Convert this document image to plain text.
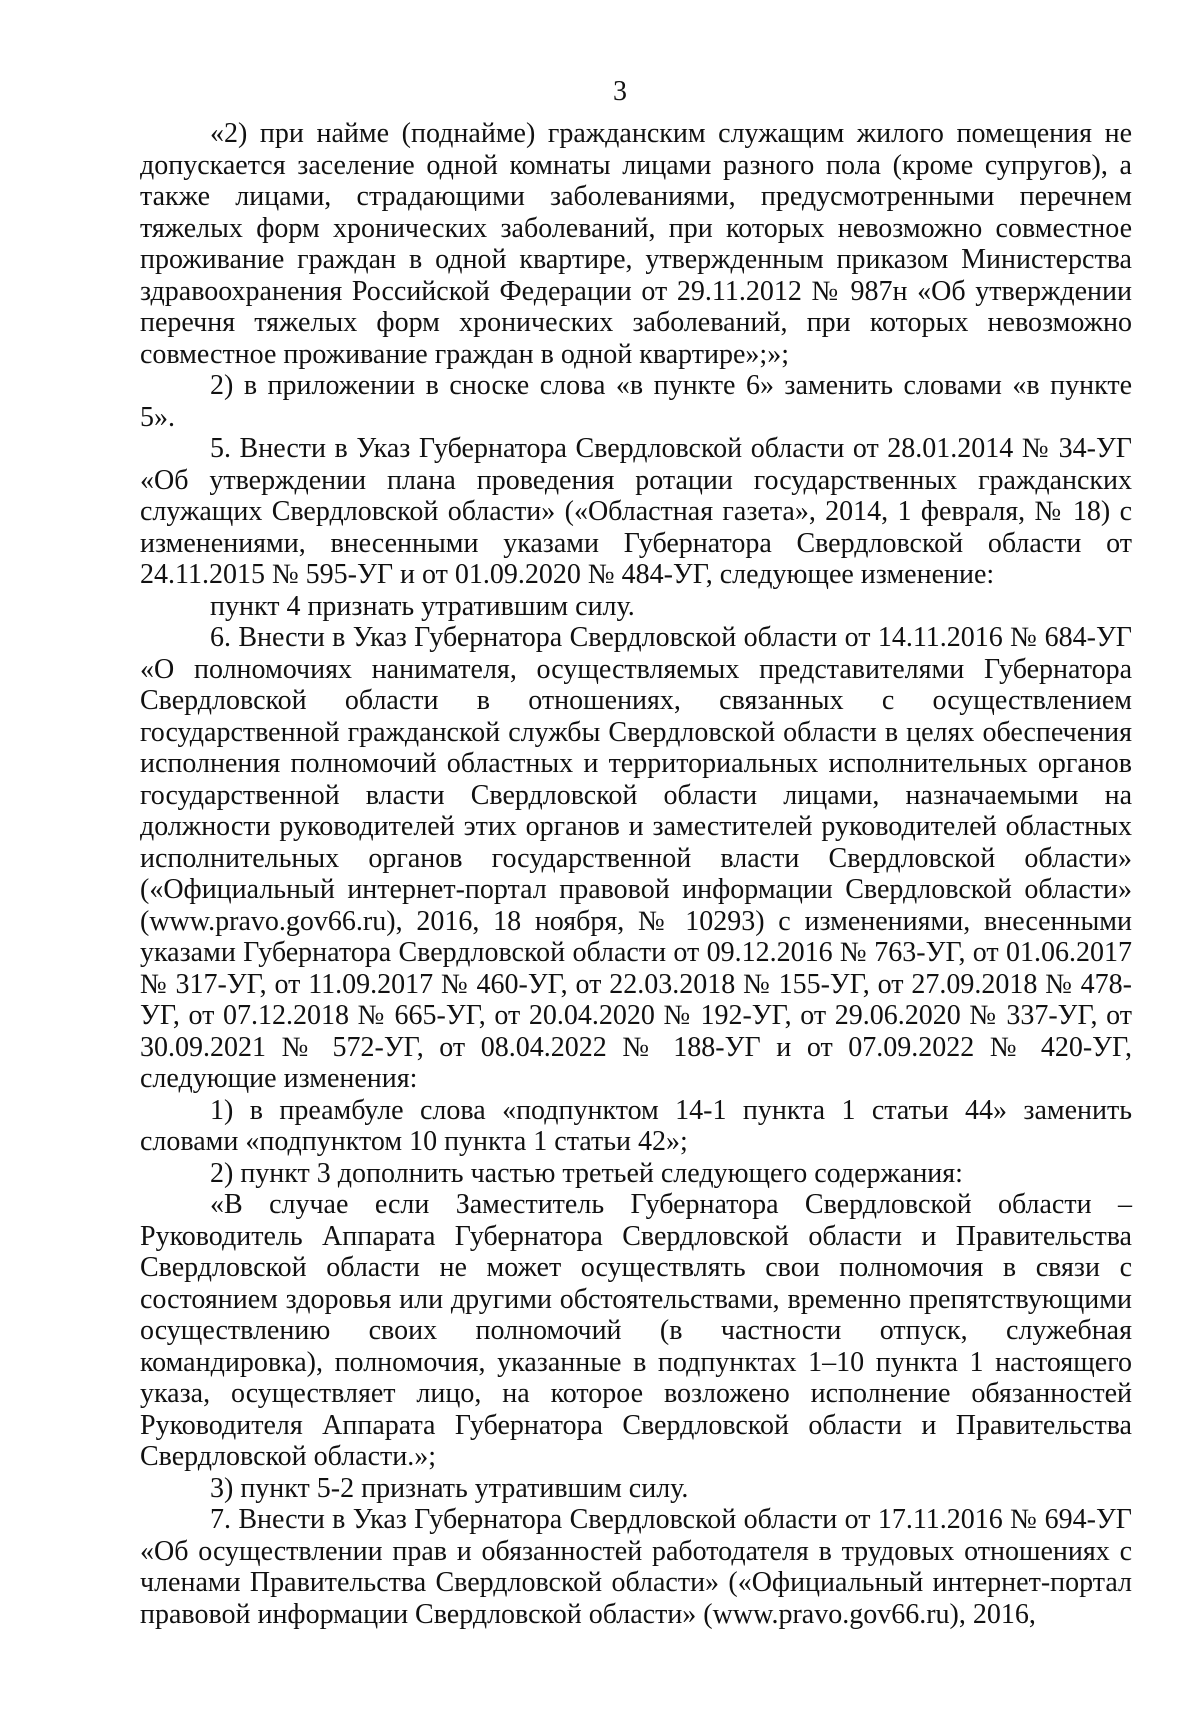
3

«2) при найме (поднайме) гражданским служащим жилого помещения не допускается заселение одной комнаты лицами разного пола (кроме супругов), а также лицами, страдающими заболеваниями, предусмотренными перечнем тяжелых форм хронических заболеваний, при которых невозможно совместное проживание граждан в одной квартире, утвержденным приказом Министерства здравоохранения Российской Федерации от 29.11.2012 № 987н «Об утверждении перечня тяжелых форм хронических заболеваний, при которых невозможно совместное проживание граждан в одной квартире»;»;

2) в приложении в сноске слова «в пункте 6» заменить словами «в пункте 5».

5. Внести в Указ Губернатора Свердловской области от 28.01.2014 № 34-УГ «Об утверждении плана проведения ротации государственных гражданских служащих Свердловской области» («Областная газета», 2014, 1 февраля, № 18) с изменениями, внесенными указами Губернатора Свердловской области от 24.11.2015 № 595-УГ и от 01.09.2020 № 484-УГ, следующее изменение:

пункт 4 признать утратившим силу.

6. Внести в Указ Губернатора Свердловской области от 14.11.2016 № 684-УГ «О полномочиях нанимателя, осуществляемых представителями Губернатора Свердловской области в отношениях, связанных с осуществлением государственной гражданской службы Свердловской области в целях обеспечения исполнения полномочий областных и территориальных исполнительных органов государственной власти Свердловской области лицами, назначаемыми на должности руководителей этих органов и заместителей руководителей областных исполнительных органов государственной власти Свердловской области» («Официальный интернет-портал правовой информации Свердловской области» (www.pravo.gov66.ru), 2016, 18 ноября, № 10293) с изменениями, внесенными указами Губернатора Свердловской области от 09.12.2016 № 763-УГ, от 01.06.2017 № 317-УГ, от 11.09.2017 № 460-УГ, от 22.03.2018 № 155-УГ, от 27.09.2018 № 478-УГ, от 07.12.2018 № 665-УГ, от 20.04.2020 № 192-УГ, от 29.06.2020 № 337-УГ, от 30.09.2021 № 572-УГ, от 08.04.2022 № 188-УГ и от 07.09.2022 № 420-УГ, следующие изменения:

1) в преамбуле слова «подпунктом 14-1 пункта 1 статьи 44» заменить словами «подпунктом 10 пункта 1 статьи 42»;

2) пункт 3 дополнить частью третьей следующего содержания:

«В случае если Заместитель Губернатора Свердловской области – Руководитель Аппарата Губернатора Свердловской области и Правительства Свердловской области не может осуществлять свои полномочия в связи с состоянием здоровья или другими обстоятельствами, временно препятствующими осуществлению своих полномочий (в частности отпуск, служебная командировка), полномочия, указанные в подпунктах 1–10 пункта 1 настоящего указа, осуществляет лицо, на которое возложено исполнение обязанностей Руководителя Аппарата Губернатора Свердловской области и Правительства Свердловской области.»;

3) пункт 5-2 признать утратившим силу.

7. Внести в Указ Губернатора Свердловской области от 17.11.2016 № 694-УГ «Об осуществлении прав и обязанностей работодателя в трудовых отношениях с членами Правительства Свердловской области» («Официальный интернет-портал правовой информации Свердловской области» (www.pravo.gov66.ru), 2016,
